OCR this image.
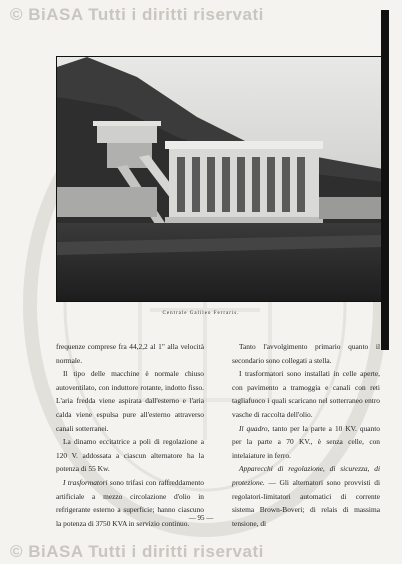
© BiASA Tutti i diritti riservati
Centrale Galileo Ferraris.

frequenze comprese fra 44,2,2 al 1" alla velocità normale.

Il tipo delle macchine è normale chiuso autoventilato, con induttore rotante, indotto fisso. L'aria fredda viene aspirata dall'esterno e l'aria calda viene espulsa pure all'esterno attraverso canali sotterranei.

La dinamo eccitatrice a poli di regolazione a 120 V. addossata a ciascun alternatore ha la potenza di 55 Kw.

I trasformatori sono trifasi con raffreddamento artificiale a mezzo circolazione d'olio in refrigerante esterno a superficie; hanno ciascuno la potenza di 3750 KVA in servizio continuo.

Tanto l'avvolgimento primario quanto il secondario sono collegati a stella.

I trasformatori sono installati in celle aperte, con pavimento a tramoggia e canali con reti tagliafuoco i quali scaricano nel sotterraneo entro vasche di raccolta dell'olio.

Il quadro, tanto per la parte a 10 KV. quanto per la parte a 70 KV., è senza celle, con intelaiature in ferro.

Apparecchi di regolazione, di sicurezza, di protezione. — Gli alternatori sono provvisti di regolatori-limitatori automatici di corrente sistema Brown-Boveri; di relais di massima tensione, di

— 95 —
© BiASA Tutti i diritti riservati
